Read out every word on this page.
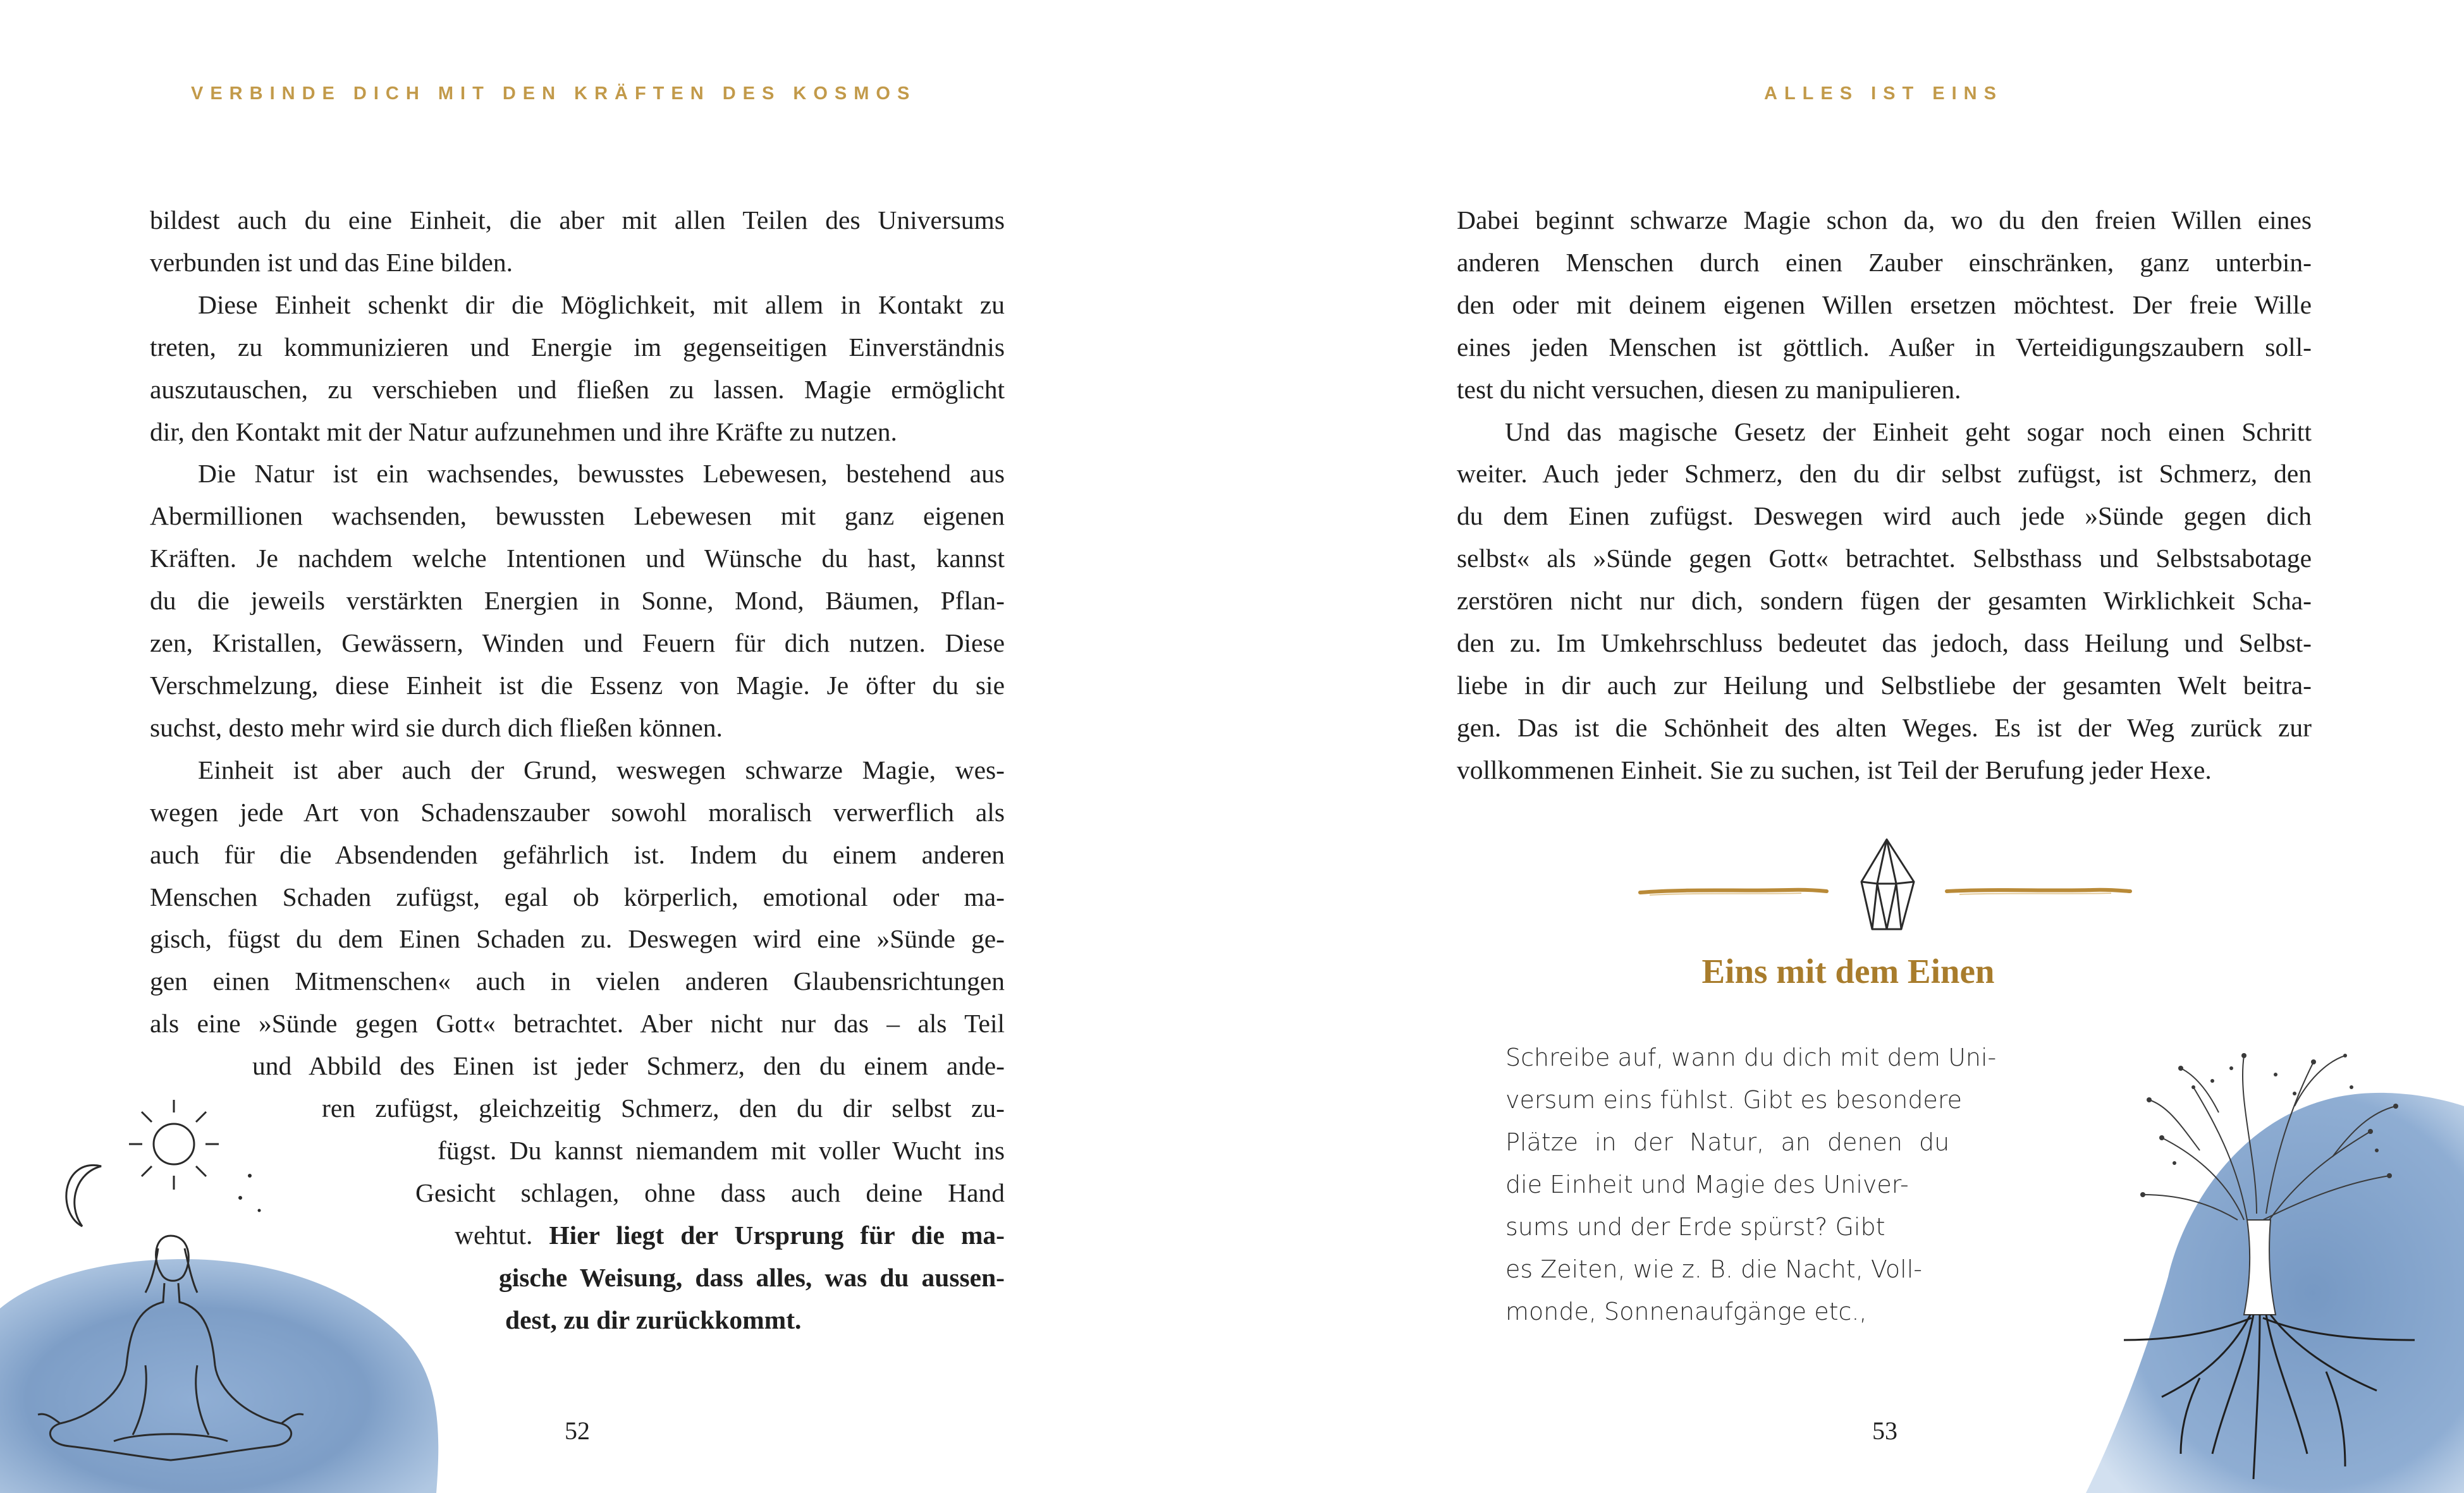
VERBINDE DICH MIT DEN KRÄFTEN DES KOSMOS

bildest auch du eine Einheit, die aber mit allen Teilen des Universums

verbunden ist und das Eine bilden.

Diese Einheit schenkt dir die Möglichkeit, mit allem in Kontakt zu

treten, zu kommunizieren und Energie im gegenseitigen Einverständnis

auszutauschen, zu verschieben und fließen zu lassen. Magie ermöglicht

dir, den Kontakt mit der Natur aufzunehmen und ihre Kräfte zu nutzen.

Die Natur ist ein wachsendes, bewusstes Lebewesen, bestehend aus

Abermillionen wachsenden, bewussten Lebewesen mit ganz eigenen

Kräften. Je nachdem welche Intentionen und Wünsche du hast, kannst

du die jeweils verstärkten Energien in Sonne, Mond, Bäumen, Pflan-

zen, Kristallen, Gewässern, Winden und Feuern für dich nutzen. Diese

Verschmelzung, diese Einheit ist die Essenz von Magie. Je öfter du sie

suchst, desto mehr wird sie durch dich fließen können.

Einheit ist aber auch der Grund, weswegen schwarze Magie, wes-

wegen jede Art von Schadenszauber sowohl moralisch verwerflich als

auch für die Absendenden gefährlich ist. Indem du einem anderen

Menschen Schaden zufügst, egal ob körperlich, emotional oder ma-

gisch, fügst du dem Einen Schaden zu. Deswegen wird eine »Sünde ge-

gen einen Mitmenschen« auch in vielen anderen Glaubensrichtungen

als eine »Sünde gegen Gott« betrachtet. Aber nicht nur das – als Teil

und Abbild des Einen ist jeder Schmerz, den du einem ande-

ren zufügst, gleichzeitig Schmerz, den du dir selbst zu-

fügst. Du kannst niemandem mit voller Wucht ins

Gesicht schlagen, ohne dass auch deine Hand

wehtut. Hier liegt der Ursprung für die ma-

gische Weisung, dass alles, was du aussen-

dest, zu dir zurückkommt.

52
ALLES IST EINS

Dabei beginnt schwarze Magie schon da, wo du den freien Willen eines

anderen Menschen durch einen Zauber einschränken, ganz unterbin-

den oder mit deinem eigenen Willen ersetzen möchtest. Der freie Wille

eines jeden Menschen ist göttlich. Außer in Verteidigungszaubern soll-

test du nicht versuchen, diesen zu manipulieren.

Und das magische Gesetz der Einheit geht sogar noch einen Schritt

weiter. Auch jeder Schmerz, den du dir selbst zufügst, ist Schmerz, den

du dem Einen zufügst. Deswegen wird auch jede »Sünde gegen dich

selbst« als »Sünde gegen Gott« betrachtet. Selbsthass und Selbstsabotage

zerstören nicht nur dich, sondern fügen der gesamten Wirklichkeit Scha-

den zu. Im Umkehrschluss bedeutet das jedoch, dass Heilung und Selbst-

liebe in dir auch zur Heilung und Selbstliebe der gesamten Welt beitra-

gen. Das ist die Schönheit des alten Weges. Es ist der Weg zurück zur

vollkommenen Einheit. Sie zu suchen, ist Teil der Berufung jeder Hexe.

Eins mit dem Einen

Schreibe auf, wann du dich mit dem Uni-

versum eins fühlst. Gibt es besondere

Plätze in der Natur, an denen du

die Einheit und Magie des Univer-

sums und der Erde spürst? Gibt

es Zeiten, wie z. B. die Nacht, Voll-

monde, Sonnenaufgänge etc.,

53
